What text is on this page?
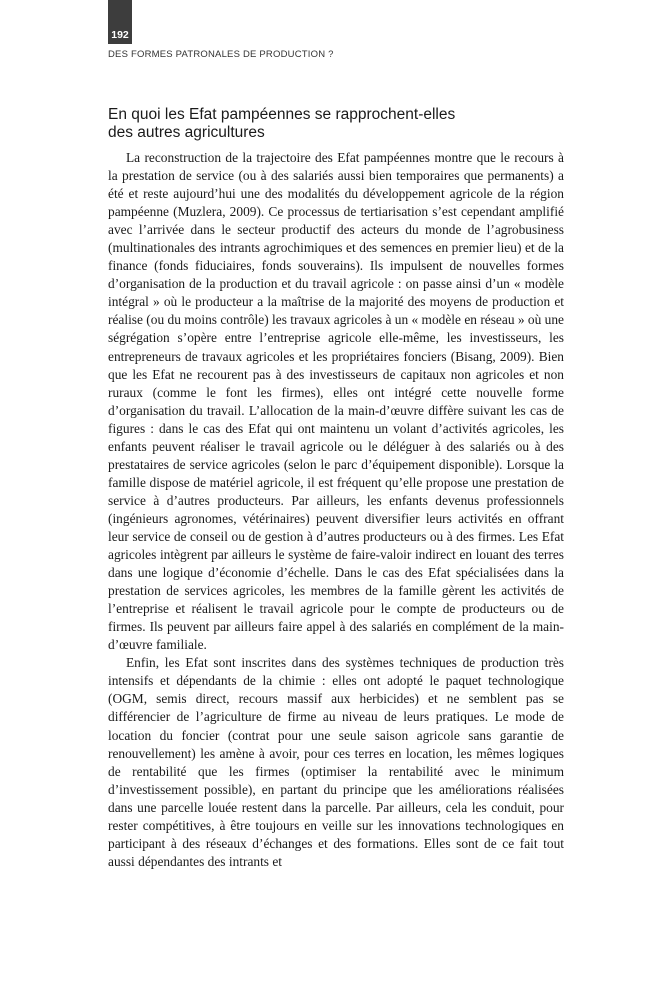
192
DES FORMES PATRONALES DE PRODUCTION ?
En quoi les Efat pampéennes se rapprochent-elles
des autres agricultures

La reconstruction de la trajectoire des Efat pampéennes montre que le recours à la prestation de service (ou à des salariés aussi bien temporaires que permanents) a été et reste aujourd’hui une des modalités du développement agricole de la région pampéenne (Muzlera, 2009). Ce processus de tertiarisation s’est cependant amplifié avec l’arrivée dans le secteur productif des acteurs du monde de l’agrobusiness (multinationales des intrants agrochimiques et des semences en premier lieu) et de la finance (fonds fiduciaires, fonds souverains). Ils impulsent de nouvelles formes d’organisation de la production et du travail agricole : on passe ainsi d’un « modèle intégral » où le producteur a la maîtrise de la majorité des moyens de production et réalise (ou du moins contrôle) les travaux agricoles à un « modèle en réseau » où une ségrégation s’opère entre l’entreprise agricole elle-même, les investisseurs, les entrepreneurs de travaux agricoles et les propriétaires fonciers (Bisang, 2009). Bien que les Efat ne recourent pas à des investisseurs de capitaux non agricoles et non ruraux (comme le font les firmes), elles ont intégré cette nouvelle forme d’organisation du travail. L’allocation de la main-d’œuvre diffère suivant les cas de figures : dans le cas des Efat qui ont maintenu un volant d’activités agricoles, les enfants peuvent réaliser le travail agricole ou le déléguer à des salariés ou à des prestataires de service agricoles (selon le parc d’équipement disponible). Lorsque la famille dispose de matériel agricole, il est fréquent qu’elle propose une prestation de service à d’autres producteurs. Par ailleurs, les enfants devenus professionnels (ingénieurs agronomes, vétérinaires) peuvent diversifier leurs activités en offrant leur service de conseil ou de gestion à d’autres producteurs ou à des firmes. Les Efat agricoles intègrent par ailleurs le système de faire-valoir indirect en louant des terres dans une logique d’économie d’échelle. Dans le cas des Efat spécialisées dans la prestation de services agricoles, les membres de la famille gèrent les activités de l’entreprise et réalisent le travail agricole pour le compte de producteurs ou de firmes. Ils peuvent par ailleurs faire appel à des salariés en complément de la main-d’œuvre familiale.

Enfin, les Efat sont inscrites dans des systèmes techniques de production très intensifs et dépendants de la chimie : elles ont adopté le paquet technologique (OGM, semis direct, recours massif aux herbicides) et ne semblent pas se différencier de l’agriculture de firme au niveau de leurs pratiques. Le mode de location du foncier (contrat pour une seule saison agricole sans garantie de renouvellement) les amène à avoir, pour ces terres en location, les mêmes logiques de rentabilité que les firmes (optimiser la rentabilité avec le minimum d’investissement possible), en partant du principe que les améliorations réalisées dans une parcelle louée restent dans la parcelle. Par ailleurs, cela les conduit, pour rester compétitives, à être toujours en veille sur les innovations technologiques en participant à des réseaux d’échanges et des formations. Elles sont de ce fait tout aussi dépendantes des intrants et
